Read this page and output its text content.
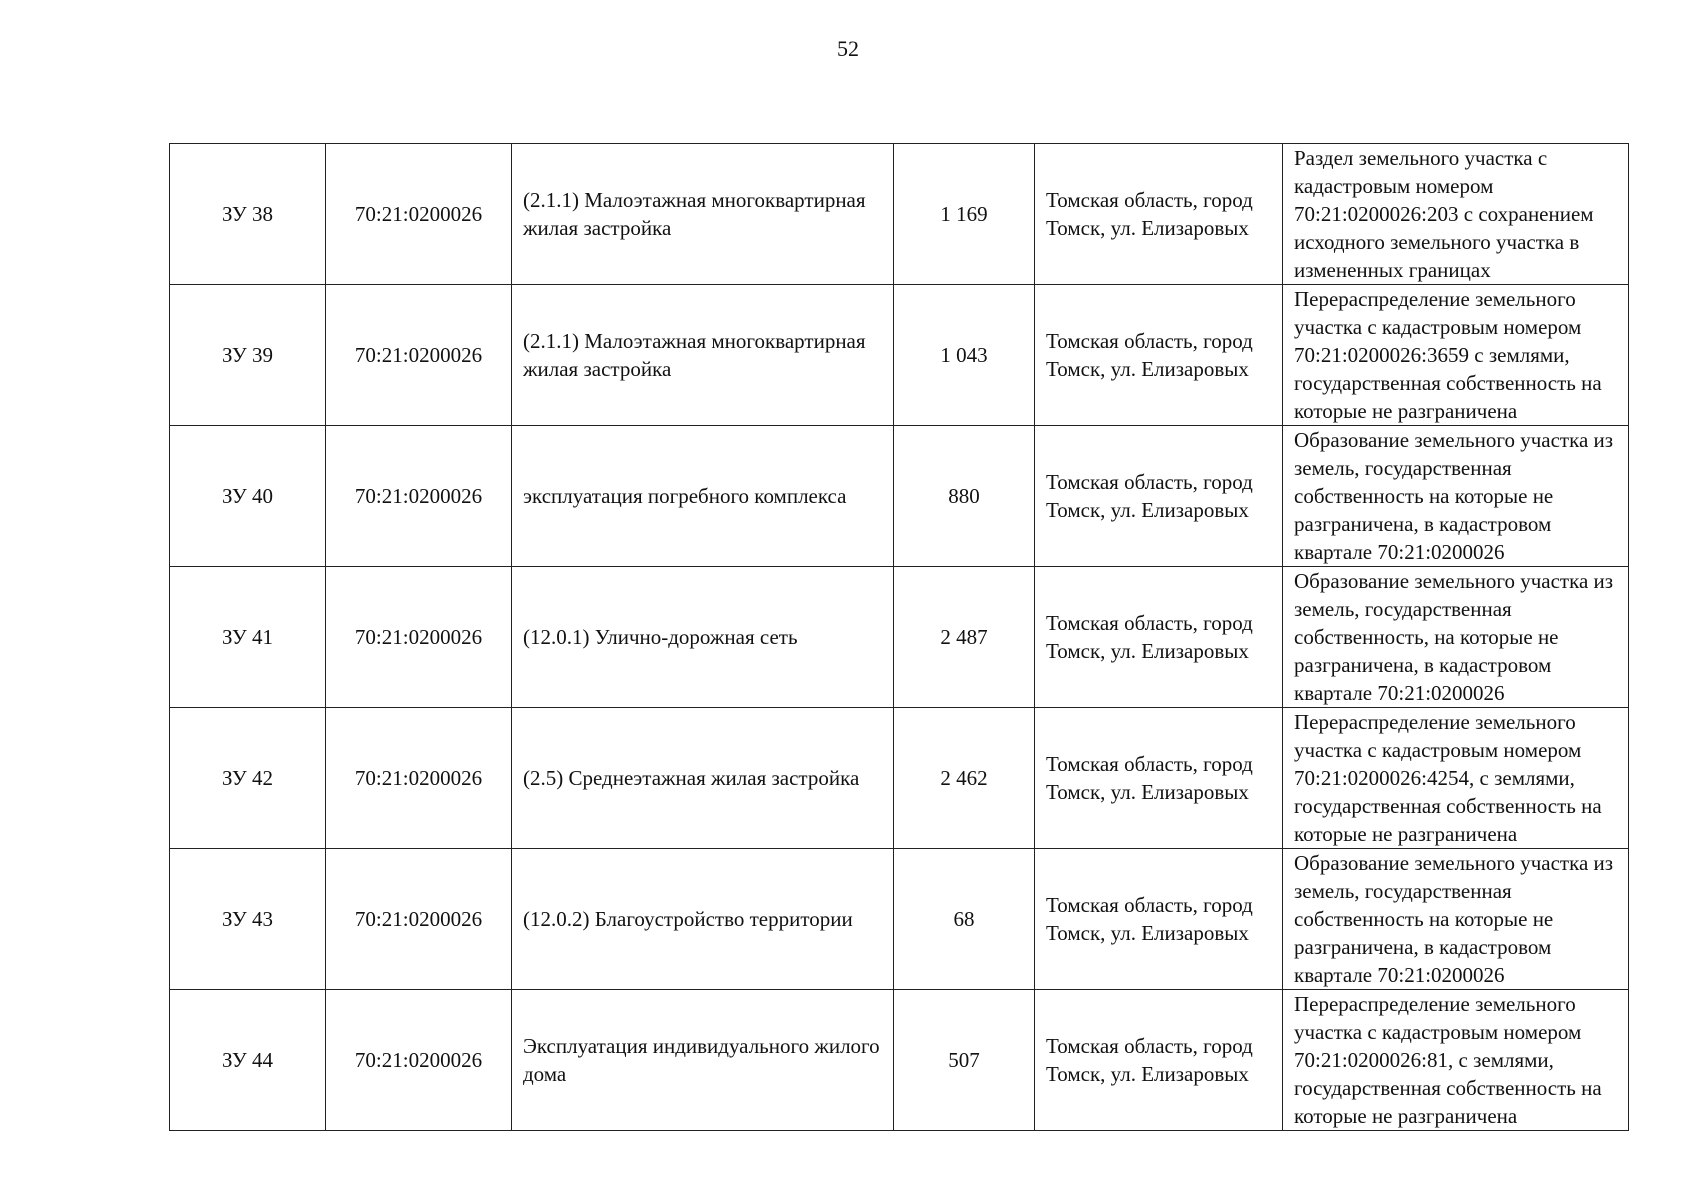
52
ЗУ 38	70:21:0200026	(2.1.1) Малоэтажная многоквартирная жилая застройка	1 169	Томская область, город Томск, ул. Елизаровых	Раздел земельного участка с кадастровым номером 70:21:0200026:203 с сохранением исходного земельного участка в измененных границах
ЗУ 39	70:21:0200026	(2.1.1) Малоэтажная многоквартирная жилая застройка	1 043	Томская область, город Томск, ул. Елизаровых	Перераспределение земельного участка с кадастровым номером 70:21:0200026:3659 с землями, государственная собственность на которые не разграничена
ЗУ 40	70:21:0200026	эксплуатация погребного комплекса	880	Томская область, город Томск, ул. Елизаровых	Образование земельного участка из земель, государственная собственность на которые не разграничена, в кадастровом квартале 70:21:0200026
ЗУ 41	70:21:0200026	(12.0.1) Улично-дорожная сеть	2 487	Томская область, город Томск, ул. Елизаровых	Образование земельного участка из земель, государственная собственность, на которые не разграничена, в кадастровом квартале 70:21:0200026
ЗУ 42	70:21:0200026	(2.5) Среднеэтажная жилая застройка	2 462	Томская область, город Томск, ул. Елизаровых	Перераспределение земельного участка с кадастровым номером 70:21:0200026:4254, с землями, государственная собственность на которые не разграничена
ЗУ 43	70:21:0200026	(12.0.2) Благоустройство территории	68	Томская область, город Томск, ул. Елизаровых	Образование земельного участка из земель, государственная собственность на которые не разграничена, в кадастровом квартале 70:21:0200026
ЗУ 44	70:21:0200026	Эксплуатация индивидуального жилого дома	507	Томская область, город Томск, ул. Елизаровых	Перераспределение земельного участка с кадастровым номером 70:21:0200026:81, с землями, государственная собственность на которые не разграничена
